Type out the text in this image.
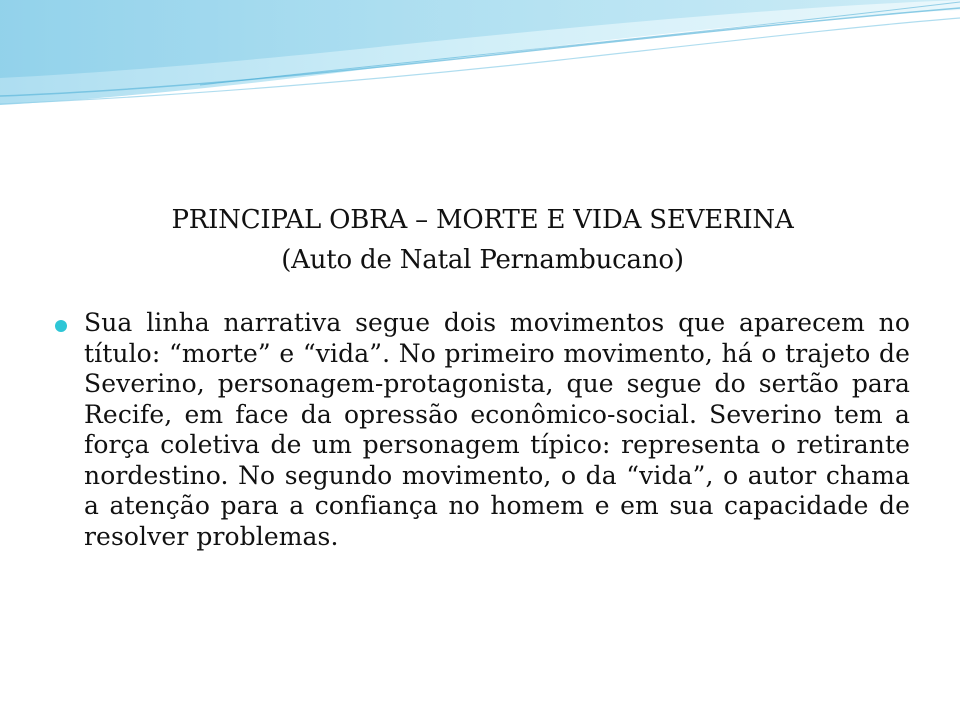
PRINCIPAL OBRA – MORTE E VIDA SEVERINA
(Auto de Natal Pernambucano)
Sua linha narrativa segue dois movimentos que aparecem no título: “morte” e “vida”. No primeiro movimento, há o trajeto de Severino, personagem-protagonista, que segue do sertão para Recife, em face da opressão econômico-social. Severino tem a força coletiva de um personagem típico: representa o retirante nordestino. No segundo movimento, o da “vida”, o autor chama a atenção para a confiança no homem e em sua capacidade de resolver problemas.
